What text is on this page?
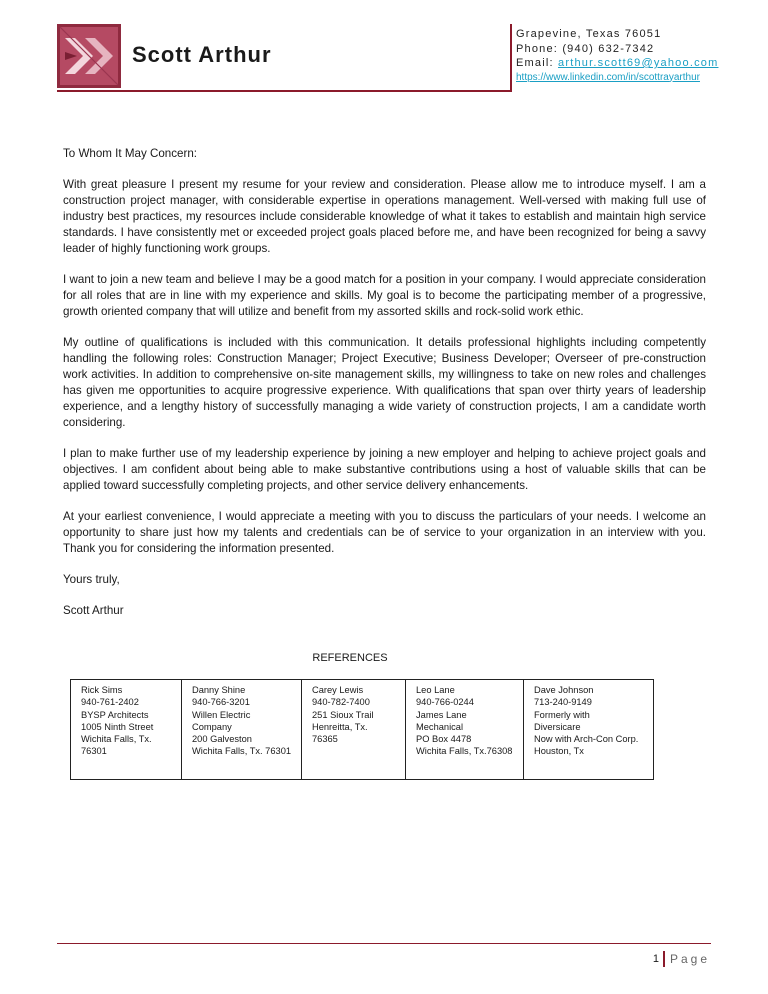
Scott Arthur
Grapevine, Texas 76051
Phone: (940) 632-7342
Email: arthur.scott69@yahoo.com
https://www.linkedin.com/in/scottrayarthur

To Whom It May Concern:

With great pleasure I present my resume for your review and consideration. Please allow me to introduce myself. I am a construction project manager, with considerable expertise in operations management. Well-versed with making full use of industry best practices, my resources include considerable knowledge of what it takes to establish and maintain high service standards. I have consistently met or exceeded project goals placed before me, and have been recognized for being a savvy leader of highly functioning work groups.

I want to join a new team and believe I may be a good match for a position in your company. I would appreciate consideration for all roles that are in line with my experience and skills. My goal is to become the participating member of a progressive, growth oriented company that will utilize and benefit from my assorted skills and rock-solid work ethic.

My outline of qualifications is included with this communication. It details professional highlights including competently handling the following roles: Construction Manager; Project Executive; Business Developer; Overseer of pre-construction work activities. In addition to comprehensive on-site management skills, my willingness to take on new roles and challenges has given me opportunities to acquire progressive experience. With qualifications that span over thirty years of leadership experience, and a lengthy history of successfully managing a wide variety of construction projects, I am a candidate worth considering.

I plan to make further use of my leadership experience by joining a new employer and helping to achieve project goals and objectives. I am confident about being able to make substantive contributions using a host of valuable skills that can be applied toward successfully completing projects, and other service delivery enhancements.

At your earliest convenience, I would appreciate a meeting with you to discuss the particulars of your needs. I welcome an opportunity to share just how my talents and credentials can be of service to your organization in an interview with you. Thank you for considering the information presented.

Yours truly,

Scott Arthur

REFERENCES
Rick Sims
940-761-2402
BYSP Architects
1005 Ninth Street
Wichita Falls, Tx.
76301

Danny Shine
940-766-3201
Willen Electric
Company
200 Galveston
Wichita Falls, Tx. 76301

Carey Lewis
940-782-7400
251 Sioux Trail
Henreitta, Tx.
76365

Leo Lane
940-766-0244
James Lane
Mechanical
PO Box 4478
Wichita Falls, Tx.76308

Dave Johnson
713-240-9149
Formerly with
Diversicare
Now with Arch-Con Corp.
Houston, Tx
1 Page
